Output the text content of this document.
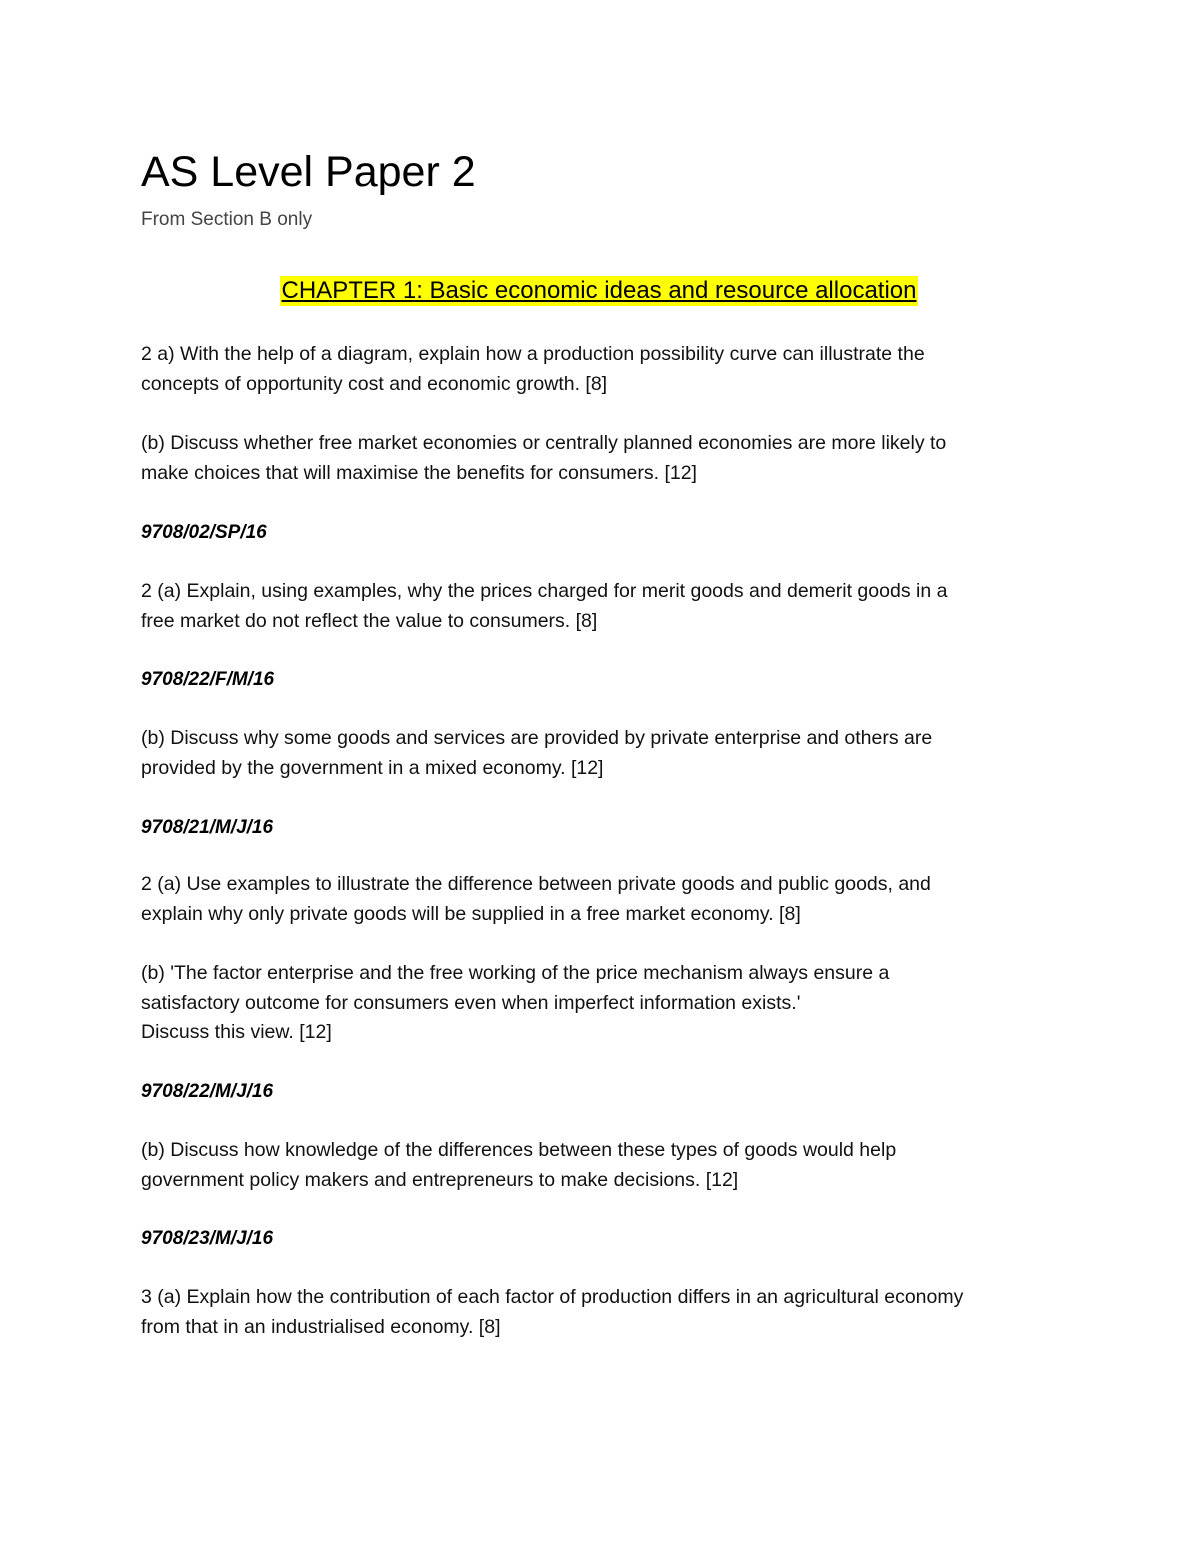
AS Level Paper 2

From Section B only

CHAPTER 1: Basic economic ideas and resource allocation

2 a) With the help of a diagram, explain how a production possibility curve can illustrate the
concepts of opportunity cost and economic growth. [8]

(b) Discuss whether free market economies or centrally planned economies are more likely to
make choices that will maximise the benefits for consumers. [12]

9708/02/SP/16

2 (a) Explain, using examples, why the prices charged for merit goods and demerit goods in a
free market do not reflect the value to consumers. [8]

9708/22/F/M/16

(b) Discuss why some goods and services are provided by private enterprise and others are
provided by the government in a mixed economy. [12]

9708/21/M/J/16

2 (a) Use examples to illustrate the difference between private goods and public goods, and
explain why only private goods will be supplied in a free market economy. [8]

(b) 'The factor enterprise and the free working of the price mechanism always ensure a
satisfactory outcome for consumers even when imperfect information exists.'
Discuss this view. [12]

9708/22/M/J/16

(b) Discuss how knowledge of the differences between these types of goods would help
government policy makers and entrepreneurs to make decisions. [12]

9708/23/M/J/16

3 (a) Explain how the contribution of each factor of production differs in an agricultural economy
from that in an industrialised economy. [8]
